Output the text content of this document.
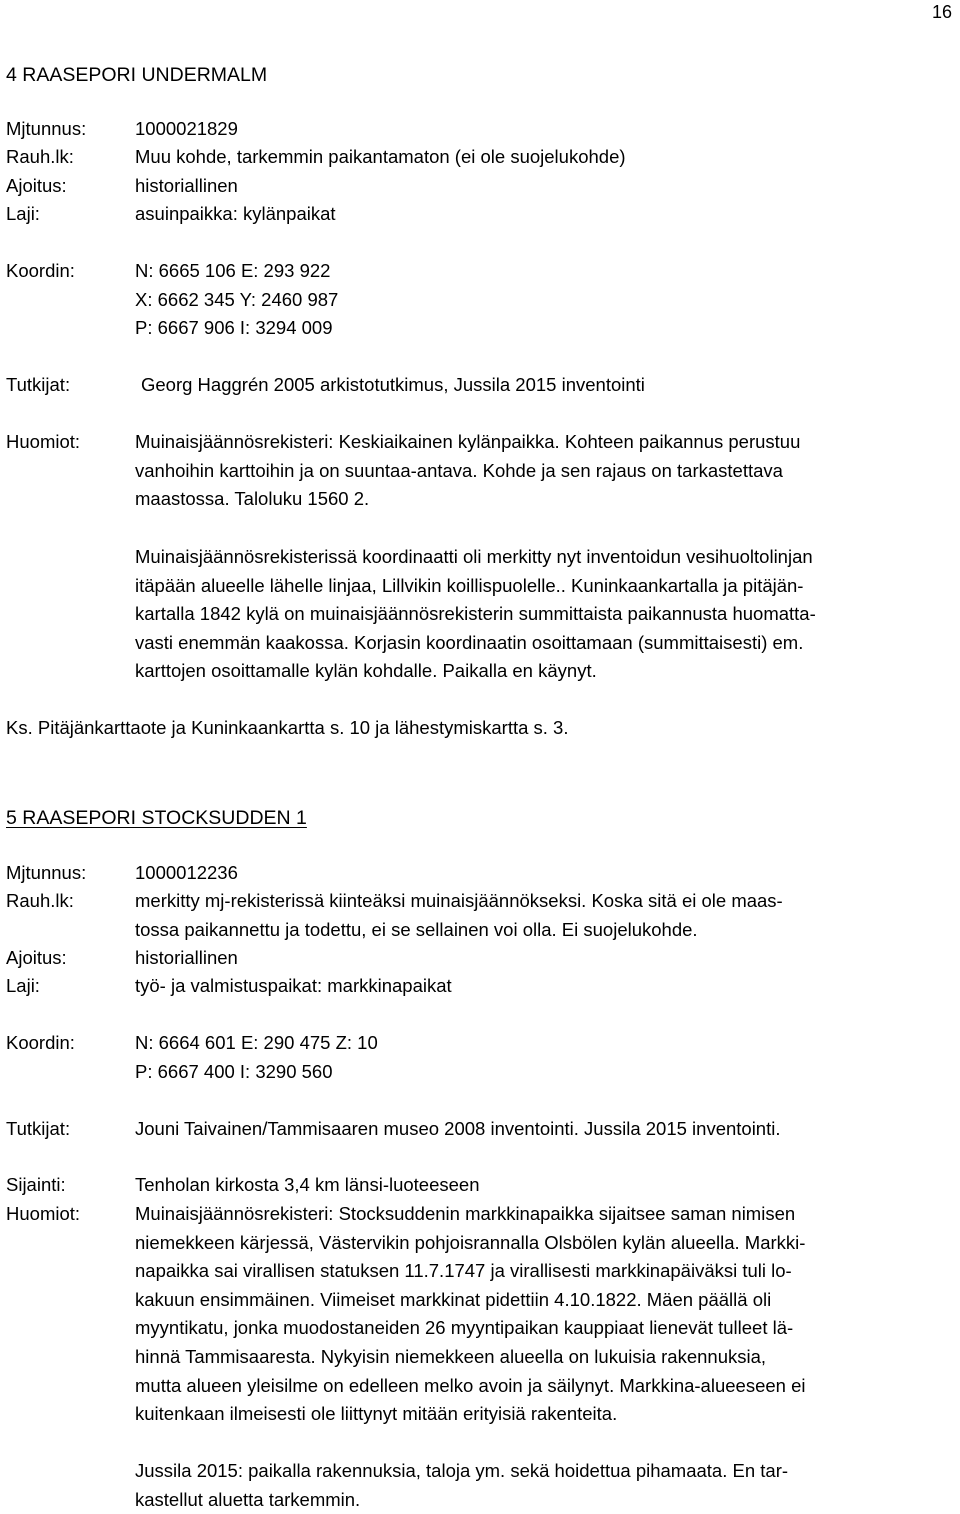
16
4 RAASEPORI UNDERMALM
Mjtunnus:	1000021829
Rauh.lk:	Muu kohde, tarkemmin paikantamaton (ei ole suojelukohde)
Ajoitus:	historiallinen
Laji:	asuinpaikka: kylänpaikat
Koordin:	N: 6665 106 E: 293 922
X: 6662 345 Y: 2460 987
P: 6667 906 I: 3294 009
Tutkijat:	Georg Haggrén 2005 arkistotutkimus, Jussila 2015 inventointi
Huomiot:	Muinaisjäännösrekisteri: Keskiaikainen kylänpaikka. Kohteen paikannus perustuu
vanhoihin karttoihin ja on suuntaa-antava. Kohde ja sen rajaus on tarkastettava
maastossa. Taloluku 1560 2.
Muinaisjäännösrekisterissä koordinaatti oli merkitty nyt inventoidun vesihuoltolinjan
itäpään alueelle lähelle linjaa, Lillvikin koillispuolelle.. Kuninkaankartalla ja pitäjän-
kartalla 1842 kylä on muinaisjäännösrekisterin summittaista paikannusta huomatta-
vasti enemmän kaakossa. Korjasin koordinaatin osoittamaan (summittaisesti) em.
karttojen osoittamalle kylän kohdalle. Paikalla en käynyt.
Ks. Pitäjänkarttaote ja Kuninkaankartta s. 10 ja lähestymiskartta s. 3.
5 RAASEPORI STOCKSUDDEN 1
Mjtunnus:	1000012236
Rauh.lk:	merkitty mj-rekisterissä kiinteäksi muinaisjäännökseksi. Koska sitä ei ole maas-
tossa paikannettu ja todettu, ei se sellainen voi olla. Ei suojelukohde.
Ajoitus:	historiallinen
Laji:	työ- ja valmistuspaikat: markkinapaikat
Koordin:	N: 6664 601 E: 290 475 Z: 10
P: 6667 400 I: 3290 560
Tutkijat:	Jouni Taivainen/Tammisaaren museo 2008 inventointi. Jussila 2015 inventointi.
Sijainti:	Tenholan kirkosta 3,4 km länsi-luoteeseen
Huomiot:	Muinaisjäännösrekisteri: Stocksuddenin markkinapaikka sijaitsee saman nimisen
niemekkeen kärjessä, Västervikin pohjoisrannalla Olsbölen kylän alueella. Markki-
napaikka sai virallisen statuksen 11.7.1747 ja virallisesti markkinapäiväksi tuli lo-
kakuun ensimmäinen. Viimeiset markkinat pidettiin 4.10.1822. Mäen päällä oli
myyntikatu, jonka muodostaneiden 26 myyntipaikan kauppiaat lienevät tulleet lä-
hinnä Tammisaaresta. Nykyisin niemekkeen alueella on lukuisia rakennuksia,
mutta alueen yleisilme on edelleen melko avoin ja säilynyt. Markkina-alueeseen ei
kuitenkaan ilmeisesti ole liittynyt mitään erityisiä rakenteita.
Jussila 2015: paikalla rakennuksia, taloja ym. sekä hoidettua pihamaata. En tar-
kastellut aluetta tarkemmin.
